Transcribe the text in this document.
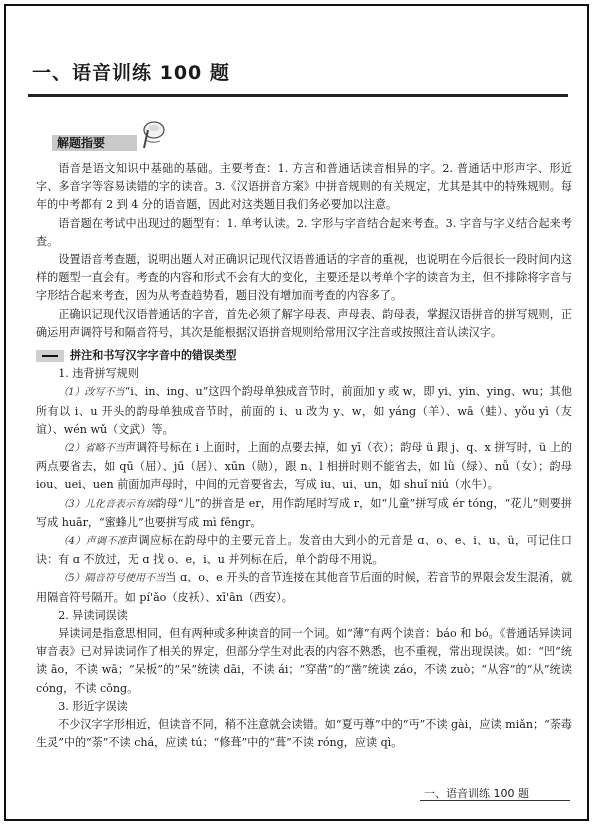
一、语音训练 100 题
解题指要

语音是语文知识中基础的基础。主要考查：1. 方言和普通话读音相异的字。2. 普通话中形声字、形近字、多音字等容易读错的字的读音。3.《汉语拼音方案》中拼音规则的有关规定，尤其是其中的特殊规则。每年的中考都有 2 到 4 分的语音题，因此对这类题目我们务必要加以注意。

语音题在考试中出现过的题型有：1. 单考认读。2. 字形与字音结合起来考查。3. 字音与字义结合起来考查。

设置语音考查题，说明出题人对正确识记现代汉语普通话的字音的重视，也说明在今后很长一段时间内这样的题型一直会有。考查的内容和形式不会有大的变化，主要还是以考单个字的读音为主，但不排除将字音与字形结合起来考查，因为从考查趋势看，题目没有增加而考查的内容多了。

正确识记现代汉语普通话的字音，首先必须了解字母表、声母表、韵母表，掌握汉语拼音的拼写规则，正确运用声调符号和隔音符号，其次是能根据汉语拼音规则给常用汉字注音或按照注音认读汉字。

拼注和书写汉字字音中的错误类型

1. 违背拼写规则

（1）改写不当“i、in、ing、u”这四个韵母单独成音节时，前面加 y 或 w，即 yi、yin、ying、wu；其他所有以 i、u 开头的韵母单独成音节时，前面的 i、u 改为 y、w，如 yáng（羊）、wā（蛙）、yǒu yì（友谊）、wén wǔ（文武）等。

（2）省略不当声调符号标在 i 上面时，上面的点要去掉，如 yī（衣）；韵母 ü 跟 j、q、x 拼写时，ü 上的两点要省去，如 qū（屈）、jū（居）、xūn（勋），跟 n、l 相拼时则不能省去，如 lǜ（绿）、nǚ（女）；韵母 iou、uei、uen 前面加声母时，中间的元音要省去，写成 iu、ui、un，如 shuǐ niú（水牛）。

（3）儿化音表示有误韵母“儿”的拼音是 er，用作韵尾时写成 r，如“儿童”拼写成 ér tóng，“花儿”则要拼写成 huār，“蜜蜂儿”也要拼写成 mì fēngr。

（4）声调不准声调应标在韵母中的主要元音上。发音由大到小的元音是 ɑ、o、e、i、u、ü，可记住口诀：有 ɑ 不放过，无 ɑ 找 o、e，i、u 并列标在后，单个韵母不用说。

（5）隔音符号使用不当当 ɑ、o、e 开头的音节连接在其他音节后面的时候，若音节的界限会发生混淆，就用隔音符号隔开。如 pí'ǎo（皮袄）、xī'ān（西安）。

2. 异读词误读

异读词是指意思相同，但有两种或多种读音的同一个词。如“薄”有两个读音：báo 和 bó。《普通话异读词审音表》已对异读词作了相关的界定，但部分学生对此表的内容不熟悉，也不重视，常出现误读。如：“凹”统读 āo，不读 wā；“呆板”的“呆”统读 dāi，不读 ái；“穿凿”的“凿”统读 záo，不读 zuò；“从容”的“从”统读 cóng，不读 cōng。

3. 形近字误读

不少汉字字形相近，但读音不同，稍不注意就会读错。如“夏丏尊”中的“丏”不读 gài，应读 miǎn；“荼毒生灵”中的“荼”不读 chá，应读 tú；“修葺”中的“葺”不读 róng，应读 qì。

一、语音训练 100 题
